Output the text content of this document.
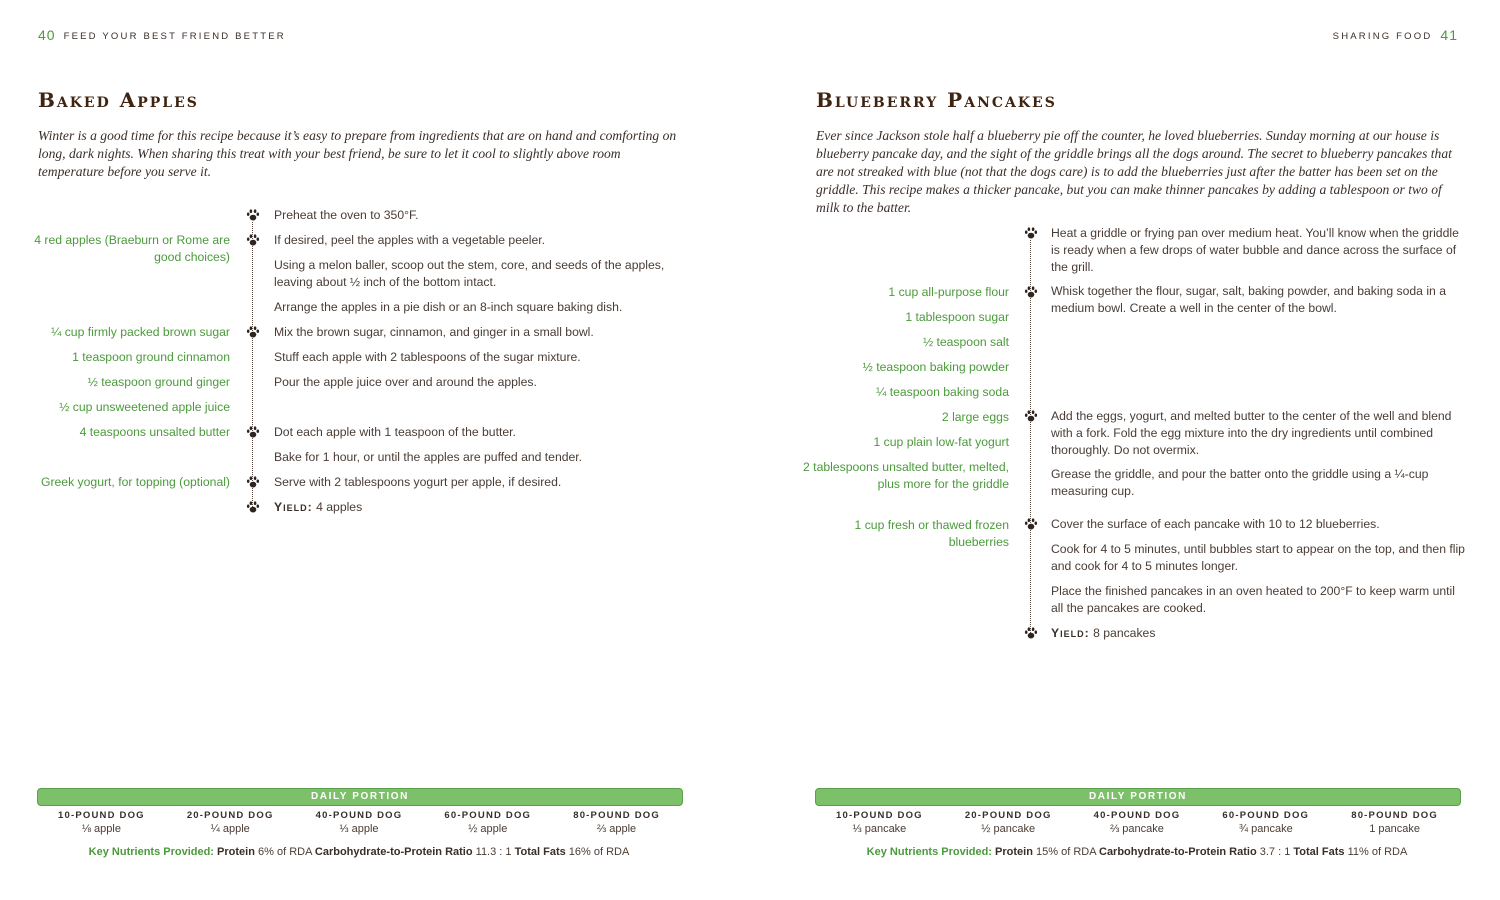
40 FEED YOUR BEST FRIEND BETTER
Baked Apples

Winter is a good time for this recipe because it’s easy to prepare from ingredients that are on hand and comforting on long, dark nights. When sharing this treat with your best friend, be sure to let it cool to slightly above room temperature before you serve it.

4 red apples (Braeburn or Rome are good choices)
¼ cup firmly packed brown sugar
1 teaspoon ground cinnamon
½ teaspoon ground ginger
½ cup unsweetened apple juice
4 teaspoons unsalted butter
Greek yogurt, for topping (optional)
Preheat the oven to 350°F.
If desired, peel the apples with a vegetable peeler.
Using a melon baller, scoop out the stem, core, and seeds of the apples, leaving about ½ inch of the bottom intact.
Arrange the apples in a pie dish or an 8-inch square baking dish.
Mix the brown sugar, cinnamon, and ginger in a small bowl.
Stuff each apple with 2 tablespoons of the sugar mixture.
Pour the apple juice over and around the apples.
Dot each apple with 1 teaspoon of the butter.
Bake for 1 hour, or until the apples are puffed and tender.
Serve with 2 tablespoons yogurt per apple, if desired.
Yield: 4 apples
DAILY PORTION
10-POUND DOG
⅛ apple
20-POUND DOG
¼ apple
40-POUND DOG
⅓ apple
60-POUND DOG
½ apple
80-POUND DOG
⅔ apple
Key Nutrients Provided: Protein 6% of RDA Carbohydrate-to-Protein Ratio 11.3 : 1 Total Fats 16% of RDA
SHARING FOOD 41
Blueberry Pancakes

Ever since Jackson stole half a blueberry pie off the counter, he loved blueberries. Sunday morning at our house is blueberry pancake day, and the sight of the griddle brings all the dogs around. The secret to blueberry pancakes that are not streaked with blue (not that the dogs care) is to add the blueberries just after the batter has been set on the griddle. This recipe makes a thicker pancake, but you can make thinner pancakes by adding a tablespoon or two of milk to the batter.

1 cup all-purpose flour
1 tablespoon sugar
½ teaspoon salt
½ teaspoon baking powder
¼ teaspoon baking soda
2 large eggs
1 cup plain low-fat yogurt
2 tablespoons unsalted butter, melted, plus more for the griddle
1 cup fresh or thawed frozen blueberries
Heat a griddle or frying pan over medium heat. You’ll know when the griddle is ready when a few drops of water bubble and dance across the surface of the grill.
Whisk together the flour, sugar, salt, baking powder, and baking soda in a medium bowl. Create a well in the center of the bowl.
Add the eggs, yogurt, and melted butter to the center of the well and blend with a fork. Fold the egg mixture into the dry ingredients until combined thoroughly. Do not overmix.
Grease the griddle, and pour the batter onto the griddle using a ¼-cup measuring cup.
Cover the surface of each pancake with 10 to 12 blueberries.
Cook for 4 to 5 minutes, until bubbles start to appear on the top, and then flip and cook for 4 to 5 minutes longer.
Place the finished pancakes in an oven heated to 200°F to keep warm until all the pancakes are cooked.
Yield: 8 pancakes
DAILY PORTION
10-POUND DOG
⅓ pancake
20-POUND DOG
½ pancake
40-POUND DOG
⅔ pancake
60-POUND DOG
¾ pancake
80-POUND DOG
1 pancake
Key Nutrients Provided: Protein 15% of RDA Carbohydrate-to-Protein Ratio 3.7 : 1 Total Fats 11% of RDA
